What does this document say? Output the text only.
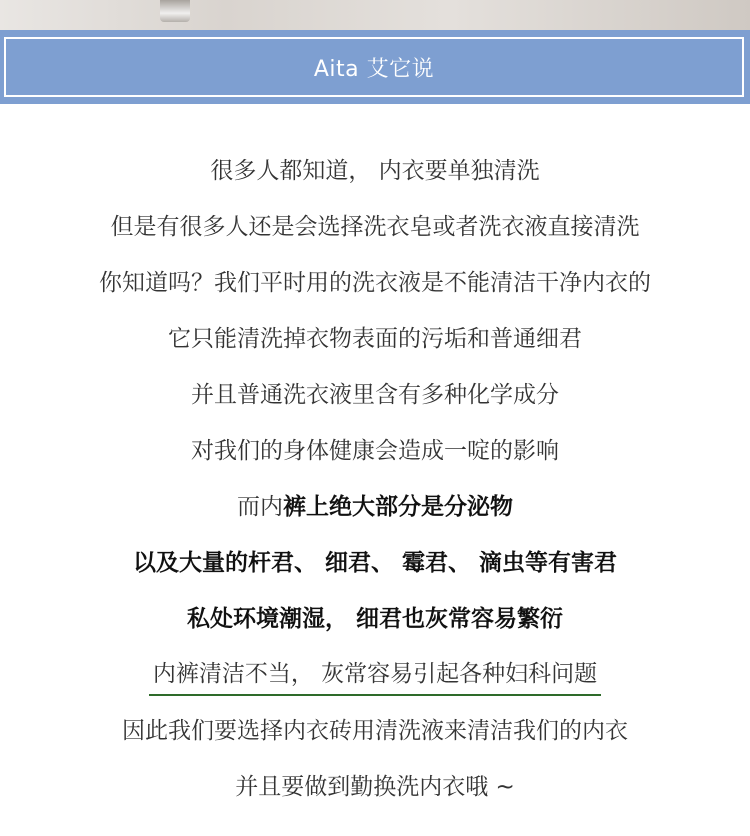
Aita 艾它说
很多人都知道， 内衣要单独清洗
但是有很多人还是会选择洗衣皂或者洗衣液直接清洗
你知道吗？我们平时用的洗衣液是不能清洁干净内衣的
它只能清洗掉衣物表面的污垢和普通细君
并且普通洗衣液里含有多种化学成分
对我们的身体健康会造成一啶的影响
而内 裤上绝大部分是分泌物
以及大量的杆君、 细君、 霉君、 滴虫等有害君
私处环境潮湿， 细君也灰常容易繁衍
内裤清洁不当， 灰常容易引起各种妇科问题
因此我们要选择内衣砖用清洗液来清洁我们的内衣
并且要做到勤换洗内衣哦 ~
